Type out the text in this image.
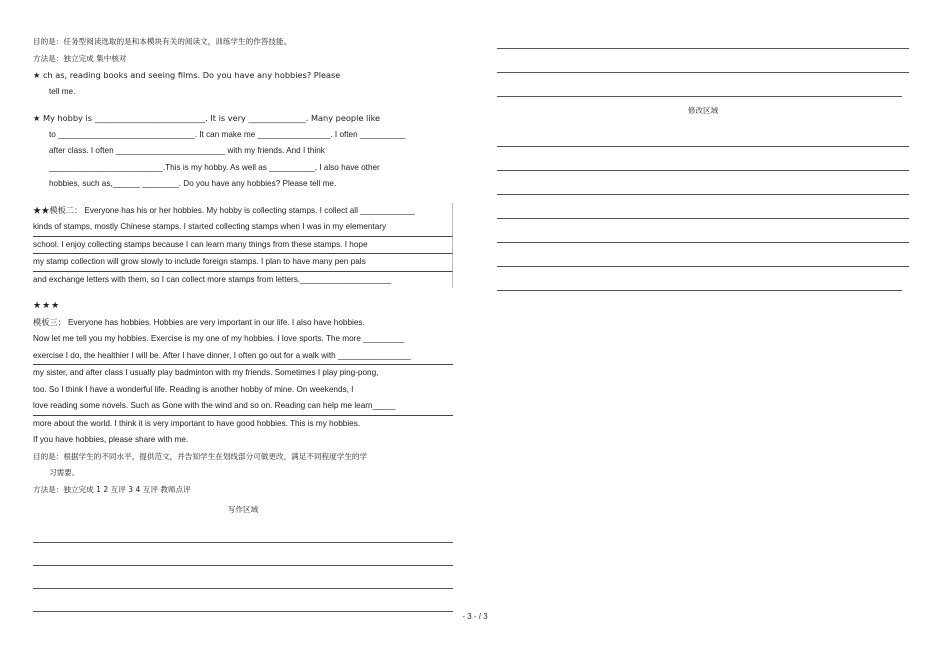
目的是：任务型阅读选取的是和本模块有关的阅读文，训练学生的作答技能。
方法是：独立完成 集中核对
★ ch as, reading books and seeing films. Do you have any hobbies? Please
tell me.
★ My hobby is ___________________________. It is very ______________. Many people like
to ______________________________. It can make me ________________. I often __________
after class. I often ________________________ with my friends. And I think
_________________________.This is my hobby. As well as __________, I also have other
hobbies, such as,______ ________. Do you have any hobbies? Please tell me.
★★模板二： Everyone has his or her hobbies. My hobby is collecting stamps. I collect all ____________
kinds of stamps, mostly Chinese stamps. I started collecting stamps when I was in my elementary
school. I enjoy collecting stamps because I can learn many things from these stamps. I hope
my stamp collection will grow slowly to include foreign stamps. I plan to have many pen pals
and exchange letters with them, so I can collect more stamps from letters.____________________
★★★
模板三： Everyone has hobbies. Hobbies are very important in our life. I also have hobbies.
Now let me tell you my hobbies. Exercise is my one of my hobbies. I love sports. The more _________
exercise I do, the healthier I will be. After I have dinner, I often go out for a walk with ________________
my sister, and after class I usually play badminton with my friends. Sometimes I play ping-pong,
too. So I think I have a wonderful life. Reading is another hobby of mine. On weekends, I
love reading some novels. Such as Gone with the wind and so on. Reading can help me learn_____
more about the world. I think it is very important to have good hobbies. This is my hobbies.
If you have hobbies, please share with me.
目的是：根据学生的不同水平，提供范文，并告知学生在划线部分可做更改，满足不同程度学生的学
习需要。
方法是：独立完成 1 2 互评 3 4 互评 教师点评
写作区域
修改区域
- 3 - / 3
